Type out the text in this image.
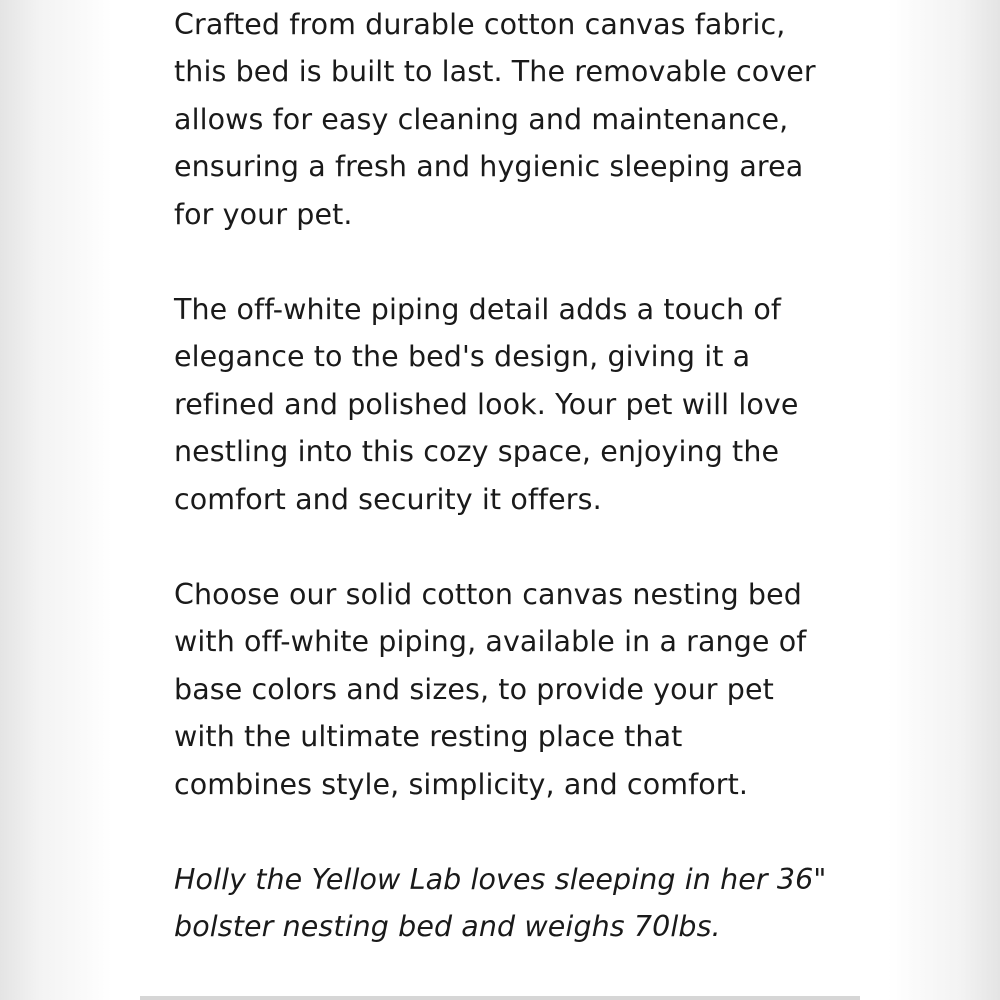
Crafted from durable cotton canvas fabric,
this bed is built to last. The removable cover
allows for easy cleaning and maintenance,
ensuring a fresh and hygienic sleeping area
for your pet.

The off-white piping detail adds a touch of
elegance to the bed's design, giving it a
refined and polished look. Your pet will love
nestling into this cozy space, enjoying the
comfort and security it offers.

Choose our solid cotton canvas nesting bed
with off-white piping, available in a range of
base colors and sizes, to provide your pet
with the ultimate resting place that
combines style, simplicity, and comfort.

Holly the Yellow Lab loves sleeping in her 36"
bolster nesting bed and weighs 70lbs.
